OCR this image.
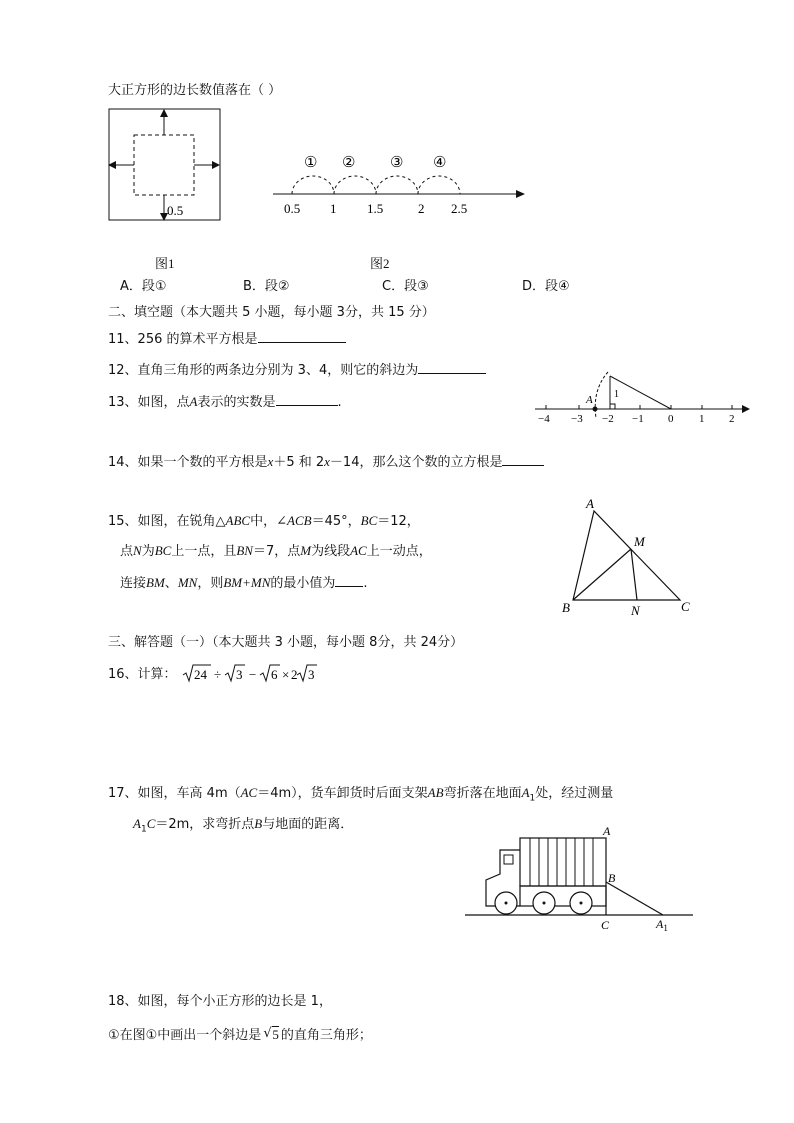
大正方形的边长数值落在（ ）
0.5
① ② ③ ④
0.5 1 1.5	2 2.5
图1	图2
A．段①	B．段②	C．段③	D．段④
二、填空题（本大题共 5 小题，每小题 3分，共 15 分）
11、256 的算术平方根是
12、直角三角形的两条边分别为 3、4，则它的斜边为
13、如图，点A表示的实数是	.	A 1
−4 −3 −2 −1 0 1 2
14、如果一个数的平方根是x＋5 和 2x－14，那么这个数的立方根是
15、如图，在锐角△ABC中，∠ACB＝45°，BC＝12，
点N为BC上一点，且BN＝7，点M为线段AC上一动点，
连接BM、MN，则BM+MN的最小值为 .
A
B	C
M
N
三、解答题（一）（本大题共 3 小题，每小题 8分，共 24分）
16、计算： 24 ÷ 3 − 6 × 2 3
17、如图，车高 4m（AC＝4m），货车卸货时后面支架AB弯折落在地面$A_1$处，经过测量
$A_1C=2m$，求弯折点B与地面的距离．	A
B
C	$A_1$
18、如图，每个小正方形的边长是 1，
①在图①中画出一个斜边是 √ 5 的直角三角形；
